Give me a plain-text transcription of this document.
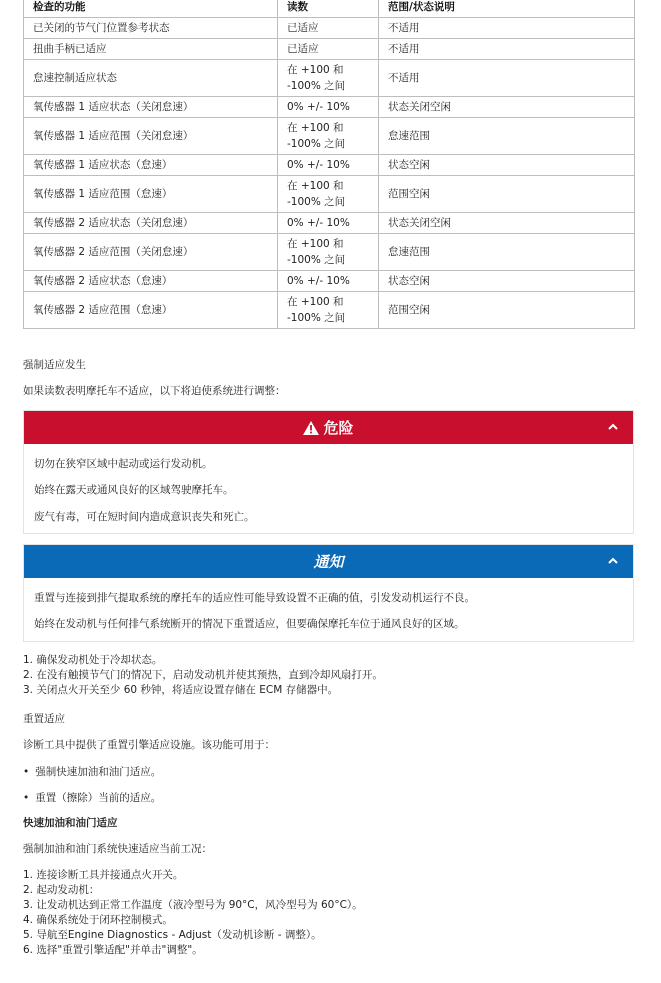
检查的功能	读数	范围/状态说明
已关闭的节气门位置参考状态	已适应	不适用
扭曲手柄已适应	已适应	不适用
怠速控制适应状态	在 +100 和 -100% 之间	不适用
氧传感器 1 适应状态（关闭怠速）	0% +/- 10%	状态关闭空闲
氧传感器 1 适应范围（关闭怠速）	在 +100 和 -100% 之间	怠速范围
氧传感器 1 适应状态（怠速）	0% +/- 10%	状态空闲
氧传感器 1 适应范围（怠速）	在 +100 和 -100% 之间	范围空闲
氧传感器 2 适应状态（关闭怠速）	0% +/- 10%	状态关闭空闲
氧传感器 2 适应范围（关闭怠速）	在 +100 和 -100% 之间	怠速范围
氧传感器 2 适应状态（怠速）	0% +/- 10%	状态空闲
氧传感器 2 适应范围（怠速）	在 +100 和 -100% 之间	范围空闲
强制适应发生
如果读数表明摩托车不适应，以下将迫使系统进行调整：
危险

切勿在狭窄区域中起动或运行发动机。

始终在露天或通风良好的区域驾驶摩托车。

废气有毒，可在短时间内造成意识丧失和死亡。

通知

重置与连接到排气提取系统的摩托车的适应性可能导致设置不正确的值，引发发动机运行不良。

始终在发动机与任何排气系统断开的情况下重置适应，但要确保摩托车位于通风良好的区域。

1. 确保发动机处于冷却状态。
2. 在没有触摸节气门的情况下，启动发动机并使其预热，直到冷却风扇打开。
3. 关闭点火开关至少 60 秒钟，将适应设置存储在 ECM 存储器中。
重置适应
诊断工具中提供了重置引擎适应设施。该功能可用于：
• 强制快速加油和油门适应。
• 重置（擦除）当前的适应。
快速加油和油门适应
强制加油和油门系统快速适应当前工况：
1. 连接诊断工具并接通点火开关。
2. 起动发动机：
3. 让发动机达到正常工作温度（液冷型号为 90°C，风冷型号为 60°C）。
4. 确保系统处于闭环控制模式。
5. 导航至Engine Diagnostics - Adjust（发动机诊断 - 调整）。
6. 选择"重置引擎适配"并单击"调整"。
